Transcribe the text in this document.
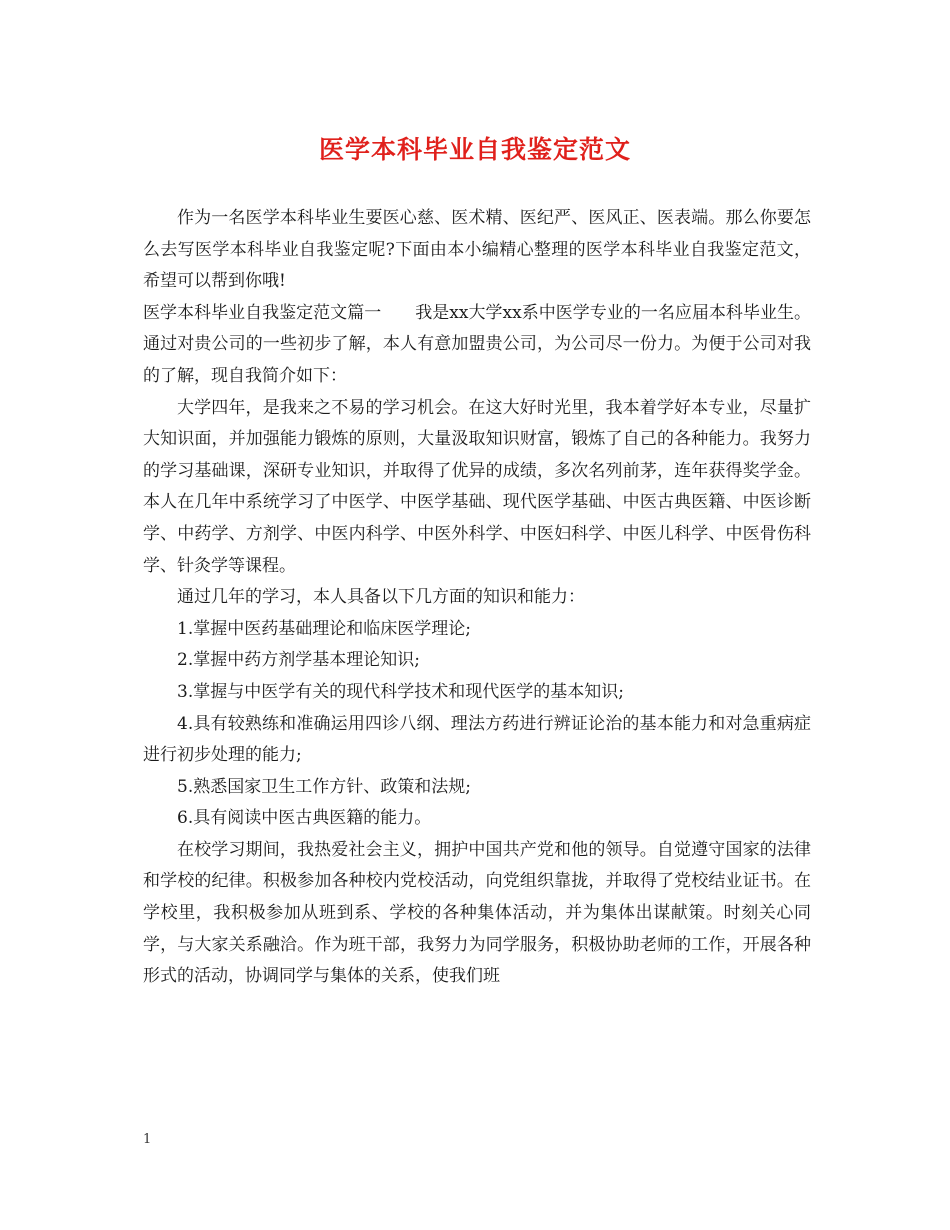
医学本科毕业自我鉴定范文

作为一名医学本科毕业生要医心慈、医术精、医纪严、医风正、医表端。那么你要怎么去写医学本科毕业自我鉴定呢?下面由本小编精心整理的医学本科毕业自我鉴定范文，希望可以帮到你哦!

医学本科毕业自我鉴定范文篇一　　我是xx大学xx系中医学专业的一名应届本科毕业生。通过对贵公司的一些初步了解，本人有意加盟贵公司，为公司尽一份力。为便于公司对我的了解，现自我简介如下：

大学四年，是我来之不易的学习机会。在这大好时光里，我本着学好本专业，尽量扩大知识面，并加强能力锻炼的原则，大量汲取知识财富，锻炼了自己的各种能力。我努力的学习基础课，深研专业知识，并取得了优异的成绩，多次名列前茅，连年获得奖学金。本人在几年中系统学习了中医学、中医学基础、现代医学基础、中医古典医籍、中医诊断学、中药学、方剂学、中医内科学、中医外科学、中医妇科学、中医儿科学、中医骨伤科学、针灸学等课程。

通过几年的学习，本人具备以下几方面的知识和能力：

1.掌握中医药基础理论和临床医学理论;

2.掌握中药方剂学基本理论知识;

3.掌握与中医学有关的现代科学技术和现代医学的基本知识;

4.具有较熟练和准确运用四诊八纲、理法方药进行辨证论治的基本能力和对急重病症进行初步处理的能力;

5.熟悉国家卫生工作方针、政策和法规;

6.具有阅读中医古典医籍的能力。

在校学习期间，我热爱社会主义，拥护中国共产党和他的领导。自觉遵守国家的法律和学校的纪律。积极参加各种校内党校活动，向党组织靠拢，并取得了党校结业证书。在学校里，我积极参加从班到系、学校的各种集体活动，并为集体出谋献策。时刻关心同学，与大家关系融洽。作为班干部，我努力为同学服务，积极协助老师的工作，开展各种形式的活动，协调同学与集体的关系，使我们班

1
